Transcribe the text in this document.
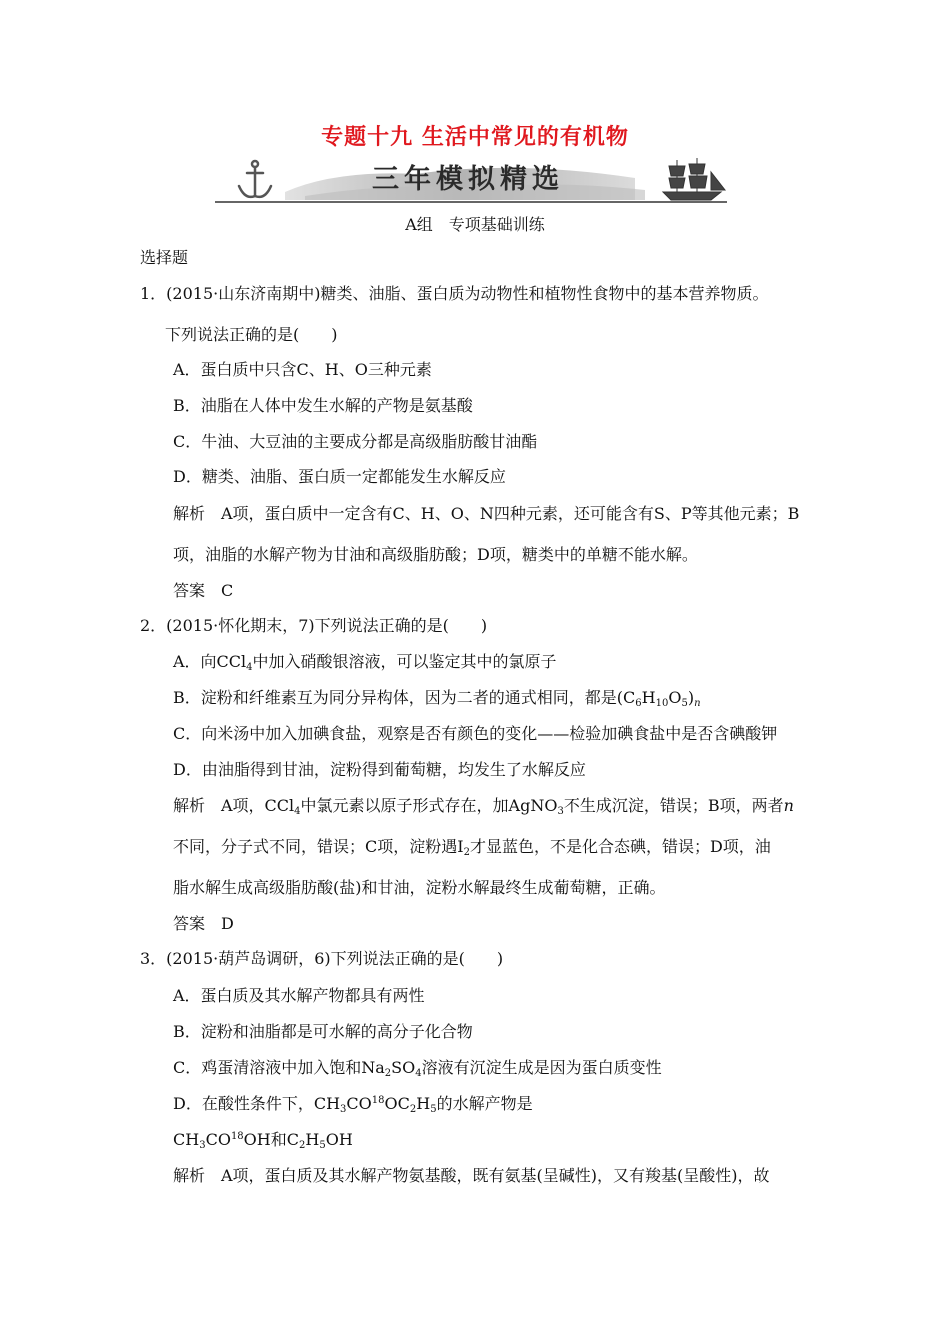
专题十九 生活中常见的有机物
三年模拟精选
A组　专项基础训练
选择题
1．(2015·山东济南期中)糖类、油脂、蛋白质为动物性和植物性食物中的基本营养物质。
下列说法正确的是(　　)
A．蛋白质中只含C、H、O三种元素
B．油脂在人体中发生水解的产物是氨基酸
C．牛油、大豆油的主要成分都是高级脂肪酸甘油酯
D．糖类、油脂、蛋白质一定都能发生水解反应
解析　A项，蛋白质中一定含有C、H、O、N四种元素，还可能含有S、P等其他元素；B
项，油脂的水解产物为甘油和高级脂肪酸；D项，糖类中的单糖不能水解。
答案　C
2．(2015·怀化期末，7)下列说法正确的是(　　)
A．向CCl$_4$中加入硝酸银溶液，可以鉴定其中的氯原子
B．淀粉和纤维素互为同分异构体，因为二者的通式相同，都是$(C_6H_{10}O_5)_n$
C．向米汤中加入加碘食盐，观察是否有颜色的变化——检验加碘食盐中是否含碘酸钾
D．由油脂得到甘油，淀粉得到葡萄糖，均发生了水解反应
解析　A项，CCl$_4$中氯元素以原子形式存在，加AgNO$_3$不生成沉淀，错误；B项，两者n
不同，分子式不同，错误；C项，淀粉遇$I_2$才显蓝色，不是化合态碘，错误；D项，油
脂水解生成高级脂肪酸(盐)和甘油，淀粉水解最终生成葡萄糖，正确。
答案　D
3．(2015·葫芦岛调研，6)下列说法正确的是(　　)
A．蛋白质及其水解产物都具有两性
B．淀粉和油脂都是可水解的高分子化合物
C．鸡蛋清溶液中加入饱和$Na_2SO_4$溶液有沉淀生成是因为蛋白质变性
D．在酸性条件下，$CH_3CO^{18}OC_2H_5$的水解产物是
$CH_3CO^{18}OH$和$C_2H_5OH$
解析　A项，蛋白质及其水解产物氨基酸，既有氨基(呈碱性)，又有羧基(呈酸性)，故
